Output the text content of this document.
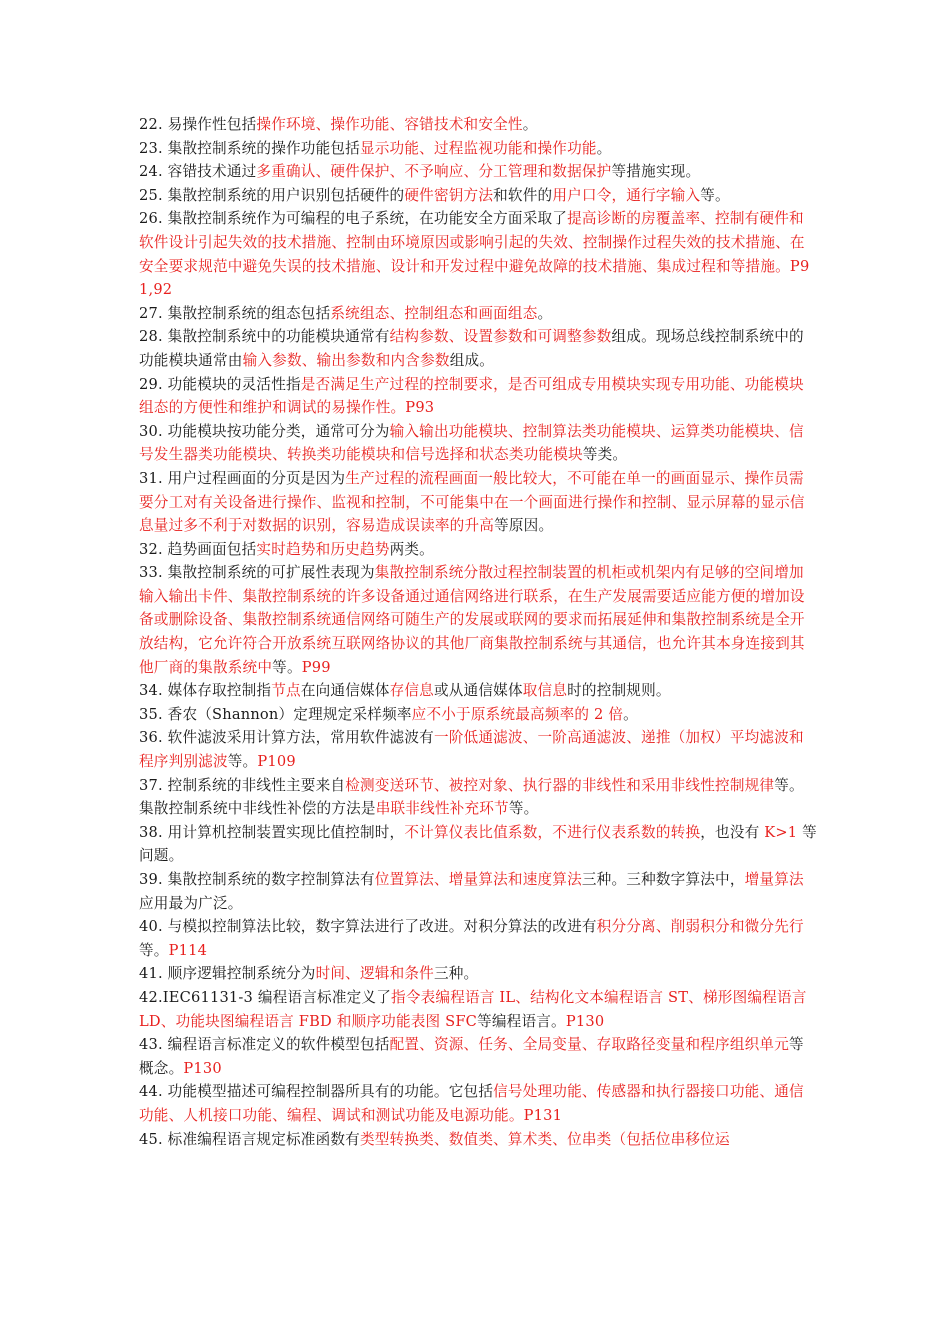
22. 易操作性包括操作环境、操作功能、容错技术和安全性。

23. 集散控制系统的操作功能包括显示功能、过程监视功能和操作功能。

24. 容错技术通过多重确认、硬件保护、不予响应、分工管理和数据保护等措施实现。

25. 集散控制系统的用户识别包括硬件的硬件密钥方法和软件的用户口令，通行字输入等。

26. 集散控制系统作为可编程的电子系统，在功能安全方面采取了提高诊断的房覆盖率、控制有硬件和软件设计引起失效的技术措施、控制由环境原因或影响引起的失效、控制操作过程失效的技术措施、在安全要求规范中避免失误的技术措施、设计和开发过程中避免故障的技术措施、集成过程和等措施。P91,92

27. 集散控制系统的组态包括系统组态、控制组态和画面组态。

28. 集散控制系统中的功能模块通常有结构参数、设置参数和可调整参数组成。现场总线控制系统中的功能模块通常由输入参数、输出参数和内含参数组成。

29. 功能模块的灵活性指是否满足生产过程的控制要求，是否可组成专用模块实现专用功能、功能模块组态的方便性和维护和调试的易操作性。P93

30. 功能模块按功能分类，通常可分为输入输出功能模块、控制算法类功能模块、运算类功能模块、信号发生器类功能模块、转换类功能模块和信号选择和状态类功能模块等类。

31. 用户过程画面的分页是因为生产过程的流程画面一般比较大，不可能在单一的画面显示、操作员需要分工对有关设备进行操作、监视和控制，不可能集中在一个画面进行操作和控制、显示屏幕的显示信息量过多不利于对数据的识别，容易造成误读率的升高等原因。

32. 趋势画面包括实时趋势和历史趋势两类。

33. 集散控制系统的可扩展性表现为集散控制系统分散过程控制装置的机柜或机架内有足够的空间增加输入输出卡件、集散控制系统的许多设备通过通信网络进行联系，在生产发展需要适应能方便的增加设备或删除设备、集散控制系统通信网络可随生产的发展或联网的要求而拓展延伸和集散控制系统是全开放结构，它允许符合开放系统互联网络协议的其他厂商集散控制系统与其通信，也允许其本身连接到其他厂商的集散系统中等。P99

34. 媒体存取控制指节点在向通信媒体存信息或从通信媒体取信息时的控制规则。

35. 香农（Shannon）定理规定采样频率应不小于原系统最高频率的 2 倍。

36. 软件滤波采用计算方法，常用软件滤波有一阶低通滤波、一阶高通滤波、递推（加权）平均滤波和程序判别滤波等。P109

37. 控制系统的非线性主要来自检测变送环节、被控对象、执行器的非线性和采用非线性控制规律等。集散控制系统中非线性补偿的方法是串联非线性补充环节等。

38. 用计算机控制装置实现比值控制时，不计算仪表比值系数，不进行仪表系数的转换，也没有 K>1 等问题。

39. 集散控制系统的数字控制算法有位置算法、增量算法和速度算法三种。三种数字算法中，增量算法应用最为广泛。

40. 与模拟控制算法比较，数字算法进行了改进。对积分算法的改进有积分分离、削弱积分和微分先行等。P114

41. 顺序逻辑控制系统分为时间、逻辑和条件三种。

42.IEC61131-3 编程语言标准定义了指令表编程语言 IL、结构化文本编程语言 ST、梯形图编程语言 LD、功能块图编程语言 FBD 和顺序功能表图 SFC等编程语言。P130

43. 编程语言标准定义的软件模型包括配置、资源、任务、全局变量、存取路径变量和程序组织单元等概念。P130

44. 功能模型描述可编程控制器所具有的功能。它包括信号处理功能、传感器和执行器接口功能、通信功能、人机接口功能、编程、调试和测试功能及电源功能。P131

45. 标准编程语言规定标准函数有类型转换类、数值类、算术类、位串类（包括位串移位运
